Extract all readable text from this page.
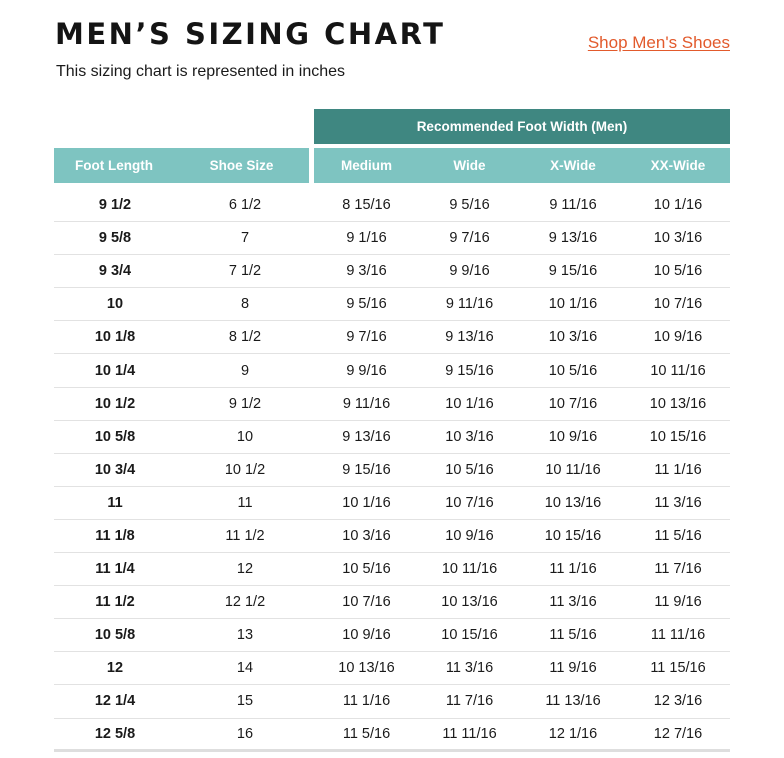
MEN’S SIZING CHART	Shop Men's Shoes
This sizing chart is represented in inches
Recommended Foot Width (Men)
Foot Length	Shoe Size	Medium	Wide	X-Wide	XX-Wide
9 1/2	6 1/2	8 15/16	9 5/16	9 11/16	10 1/16
9 5/8	7	9 1/16	9 7/16	9 13/16	10 3/16
9 3/4	7 1/2	9 3/16	9 9/16	9 15/16	10 5/16
10	8	9 5/16	9 11/16	10 1/16	10 7/16
10 1/8	8 1/2	9 7/16	9 13/16	10 3/16	10 9/16
10 1/4	9	9 9/16	9 15/16	10 5/16	10 11/16
10 1/2	9 1/2	9 11/16	10 1/16	10 7/16	10 13/16
10 5/8	10	9 13/16	10 3/16	10 9/16	10 15/16
10 3/4	10 1/2	9 15/16	10 5/16	10 11/16	11 1/16
11	11	10 1/16	10 7/16	10 13/16	11 3/16
11 1/8	11 1/2	10 3/16	10 9/16	10 15/16	11 5/16
11 1/4	12	10 5/16	10 11/16	11 1/16	11 7/16
11 1/2	12 1/2	10 7/16	10 13/16	11 3/16	11 9/16
10 5/8	13	10 9/16	10 15/16	11 5/16	11 11/16
12	14	10 13/16	11 3/16	11 9/16	11 15/16
12 1/4	15	11 1/16	11 7/16	11 13/16	12 3/16
12 5/8	16	11 5/16	11 11/16	12 1/16	12 7/16
